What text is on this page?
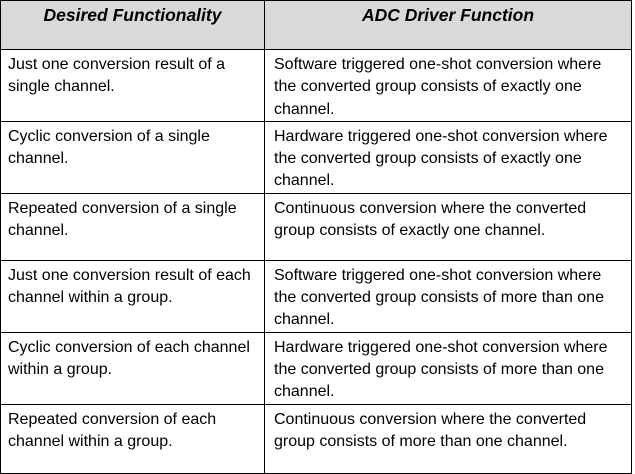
Desired Functionality	ADC Driver Function
Just one conversion result of a single channel.	Software triggered one-shot conversion where the converted group consists of exactly one channel.
Cyclic conversion of a single channel.	Hardware triggered one-shot conversion where the converted group consists of exactly one channel.
Repeated conversion of a single channel.	Continuous conversion where the converted group consists of exactly one channel.
Just one conversion result of each channel within a group.	Software triggered one-shot conversion where the converted group consists of more than one channel.
Cyclic conversion of each channel within a group.	Hardware triggered one-shot conversion where the converted group consists of more than one channel.
Repeated conversion of each channel within a group.	Continuous conversion where the converted group consists of more than one channel.
